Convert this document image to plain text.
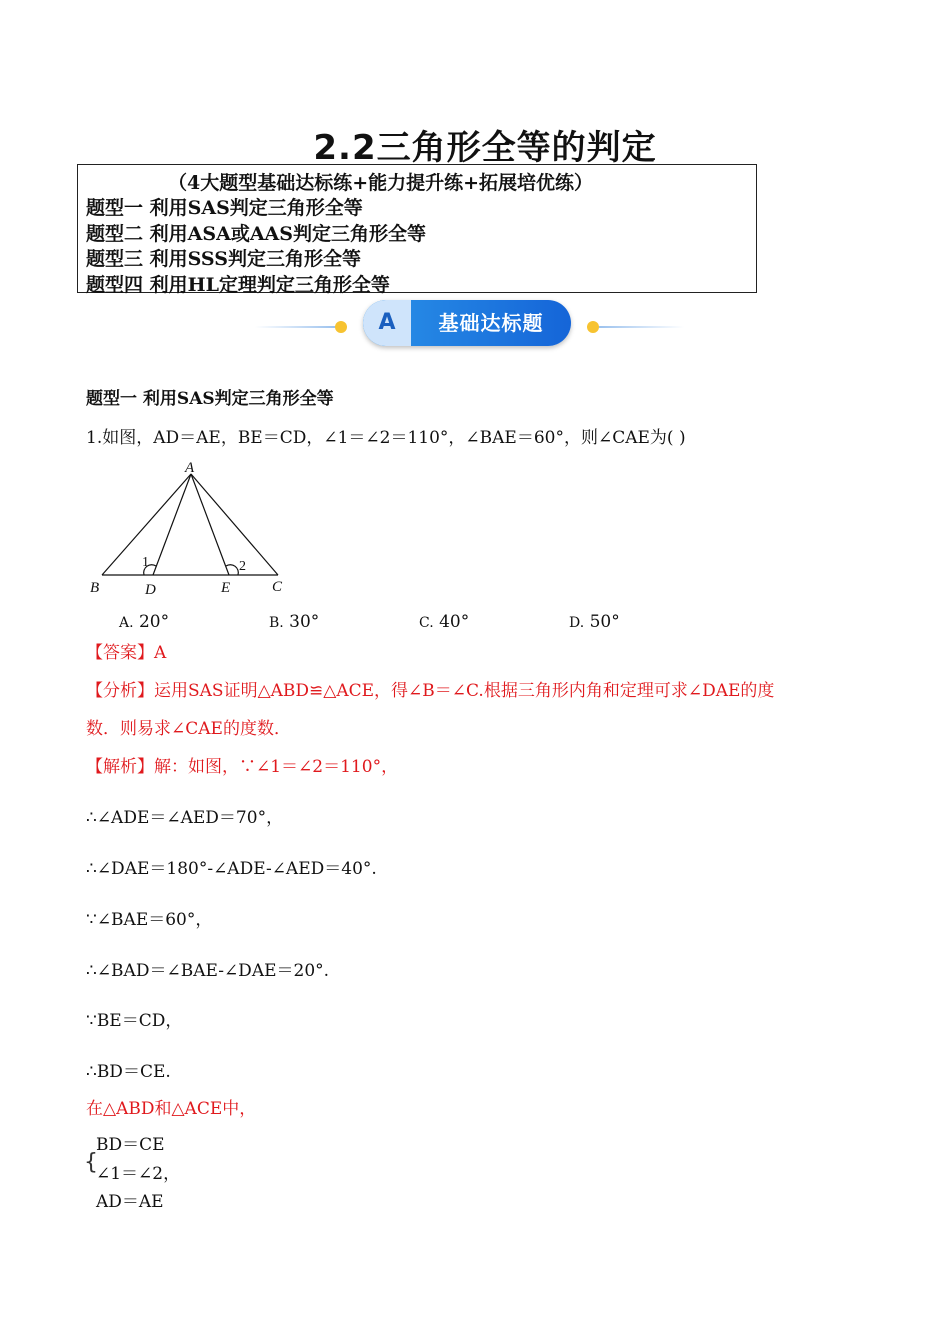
2.2三角形全等的判定
（4大题型基础达标练+能力提升练+拓展培优练）
题型一 利用SAS判定三角形全等
题型二 利用ASA或AAS判定三角形全等
题型三 利用SSS判定三角形全等
题型四 利用HL定理判定三角形全等
A	基础达标题
题型一 利用SAS判定三角形全等
1.如图，AD＝AE，BE＝CD，∠1＝∠2＝110°，∠BAE＝60°，则∠CAE为( )
A
B	D	E	C
1	2
A. 20°	B. 30°	C. 40°	D. 50°
【答案】A
【分析】运用SAS证明△ABD≌△ACE，得∠B＝∠C.根据三角形内角和定理可求∠DAE的度
数．则易求∠CAE的度数．
【解析】解：如图，∵∠1＝∠2＝110°，
∴∠ADE＝∠AED＝70°，
∴∠DAE＝180°-∠ADE-∠AED＝40°.
∵∠BAE＝60°，
∴∠BAD＝∠BAE-∠DAE＝20°.
∵BE＝CD，
∴BD＝CE.
在△ABD和△ACE中，
{
BD＝CE
∠1＝∠2，
AD＝AE
